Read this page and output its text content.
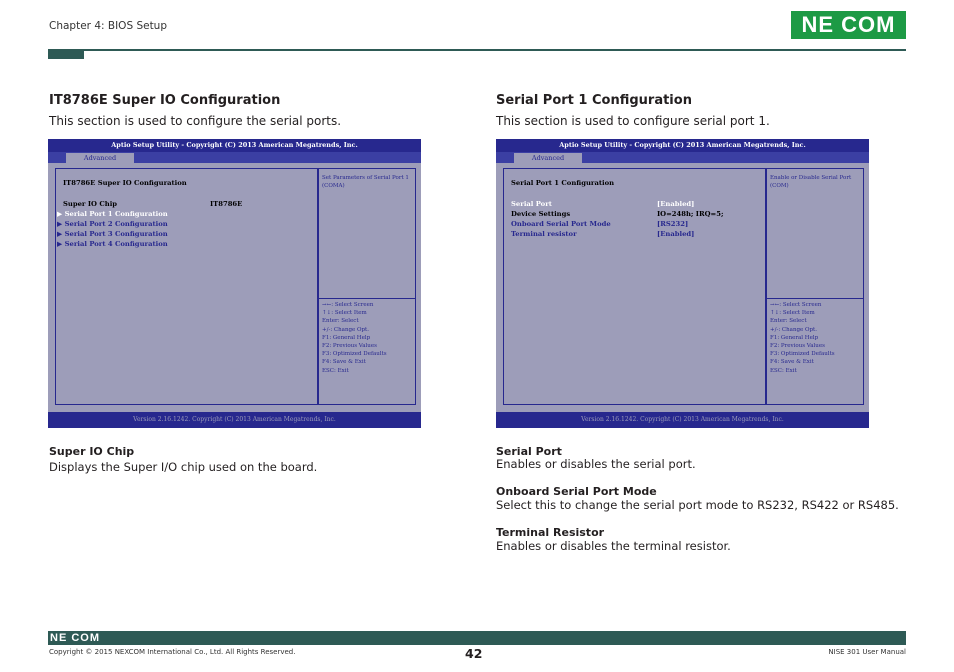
Chapter 4: BIOS Setup	NE COM
IT8786E Super IO Configuration

This section is used to configure the serial ports.

Aptio Setup Utility - Copyright (C) 2013 American Megatrends, Inc.
Advanced
IT8786E Super IO Configuration
Super IO Chip	IT8786E
▶ Serial Port 1 Configuration
▶ Serial Port 2 Configuration
▶ Serial Port 3 Configuration
▶ Serial Port 4 Configuration
Set Parameters of Serial Port 1 (COMA)
→←: Select Screen
↑↓: Select Item
Enter: Select
+/-: Change Opt.
F1: General Help
F2: Previous Values
F3: Optimized Defaults
F4: Save & Exit
ESC: Exit
Version 2.16.1242. Copyright (C) 2013 American Megatrends, Inc.
Super IO Chip
Displays the Super I/O chip used on the board.
Serial Port 1 Configuration

This section is used to configure serial port 1.

Aptio Setup Utility - Copyright (C) 2013 American Megatrends, Inc.
Advanced
Serial Port 1 Configuration
Serial Port	[Enabled]
Device Settings	IO=248h; IRQ=5;
Onboard Serial Port Mode	[RS232]
Terminal resistor	[Enabled]
Enable or Disable Serial Port (COM)
→←: Select Screen
↑↓: Select Item
Enter: Select
+/-: Change Opt.
F1: General Help
F2: Previous Values
F3: Optimized Defaults
F4: Save & Exit
ESC: Exit
Version 2.16.1242. Copyright (C) 2013 American Megatrends, Inc.
Serial Port
Enables or disables the serial port.
Onboard Serial Port Mode
Select this to change the serial port mode to RS232, RS422 or RS485.
Terminal Resistor
Enables or disables the terminal resistor.
NE COM
Copyright © 2015 NEXCOM International Co., Ltd. All Rights Reserved.	42	NISE 301 User Manual
